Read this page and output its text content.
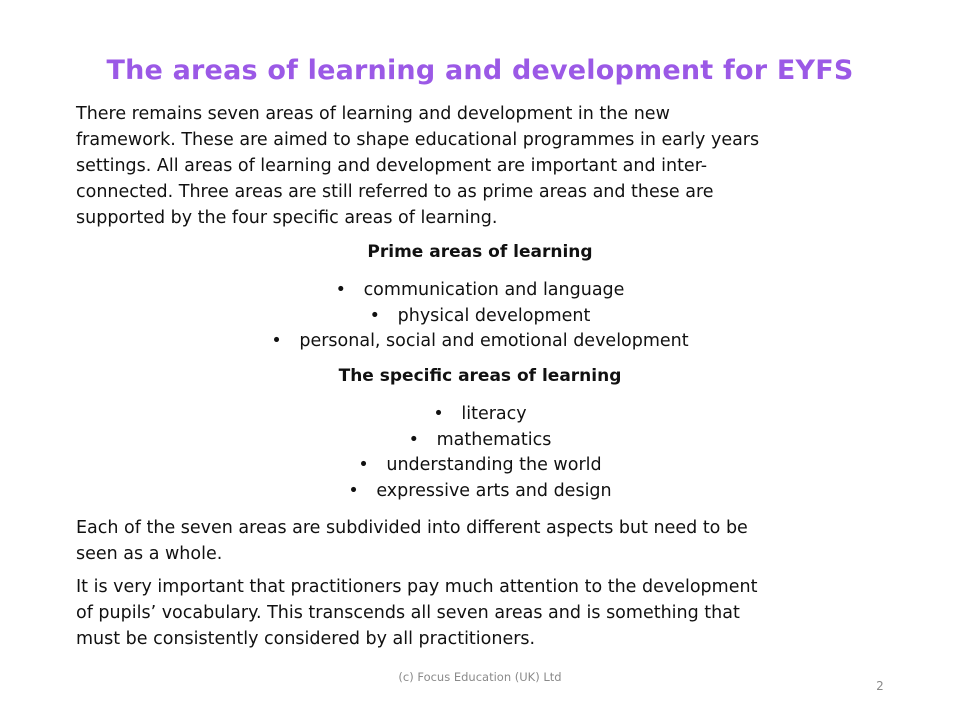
The areas of learning and development for EYFS

There remains seven areas of learning and development in the new
framework. These are aimed to shape educational programmes in early years
settings. All areas of learning and development are important and inter-
connected. Three areas are still referred to as prime areas and these are
supported by the four specific areas of learning.

Prime areas of learning
• communication and language
• physical development
• personal, social and emotional development
The specific areas of learning
• literacy
• mathematics
• understanding the world
• expressive arts and design

Each of the seven areas are subdivided into different aspects but need to be
seen as a whole.

It is very important that practitioners pay much attention to the development
of pupils’ vocabulary. This transcends all seven areas and is something that
must be consistently considered by all practitioners.

(c) Focus Education (UK) Ltd
2
